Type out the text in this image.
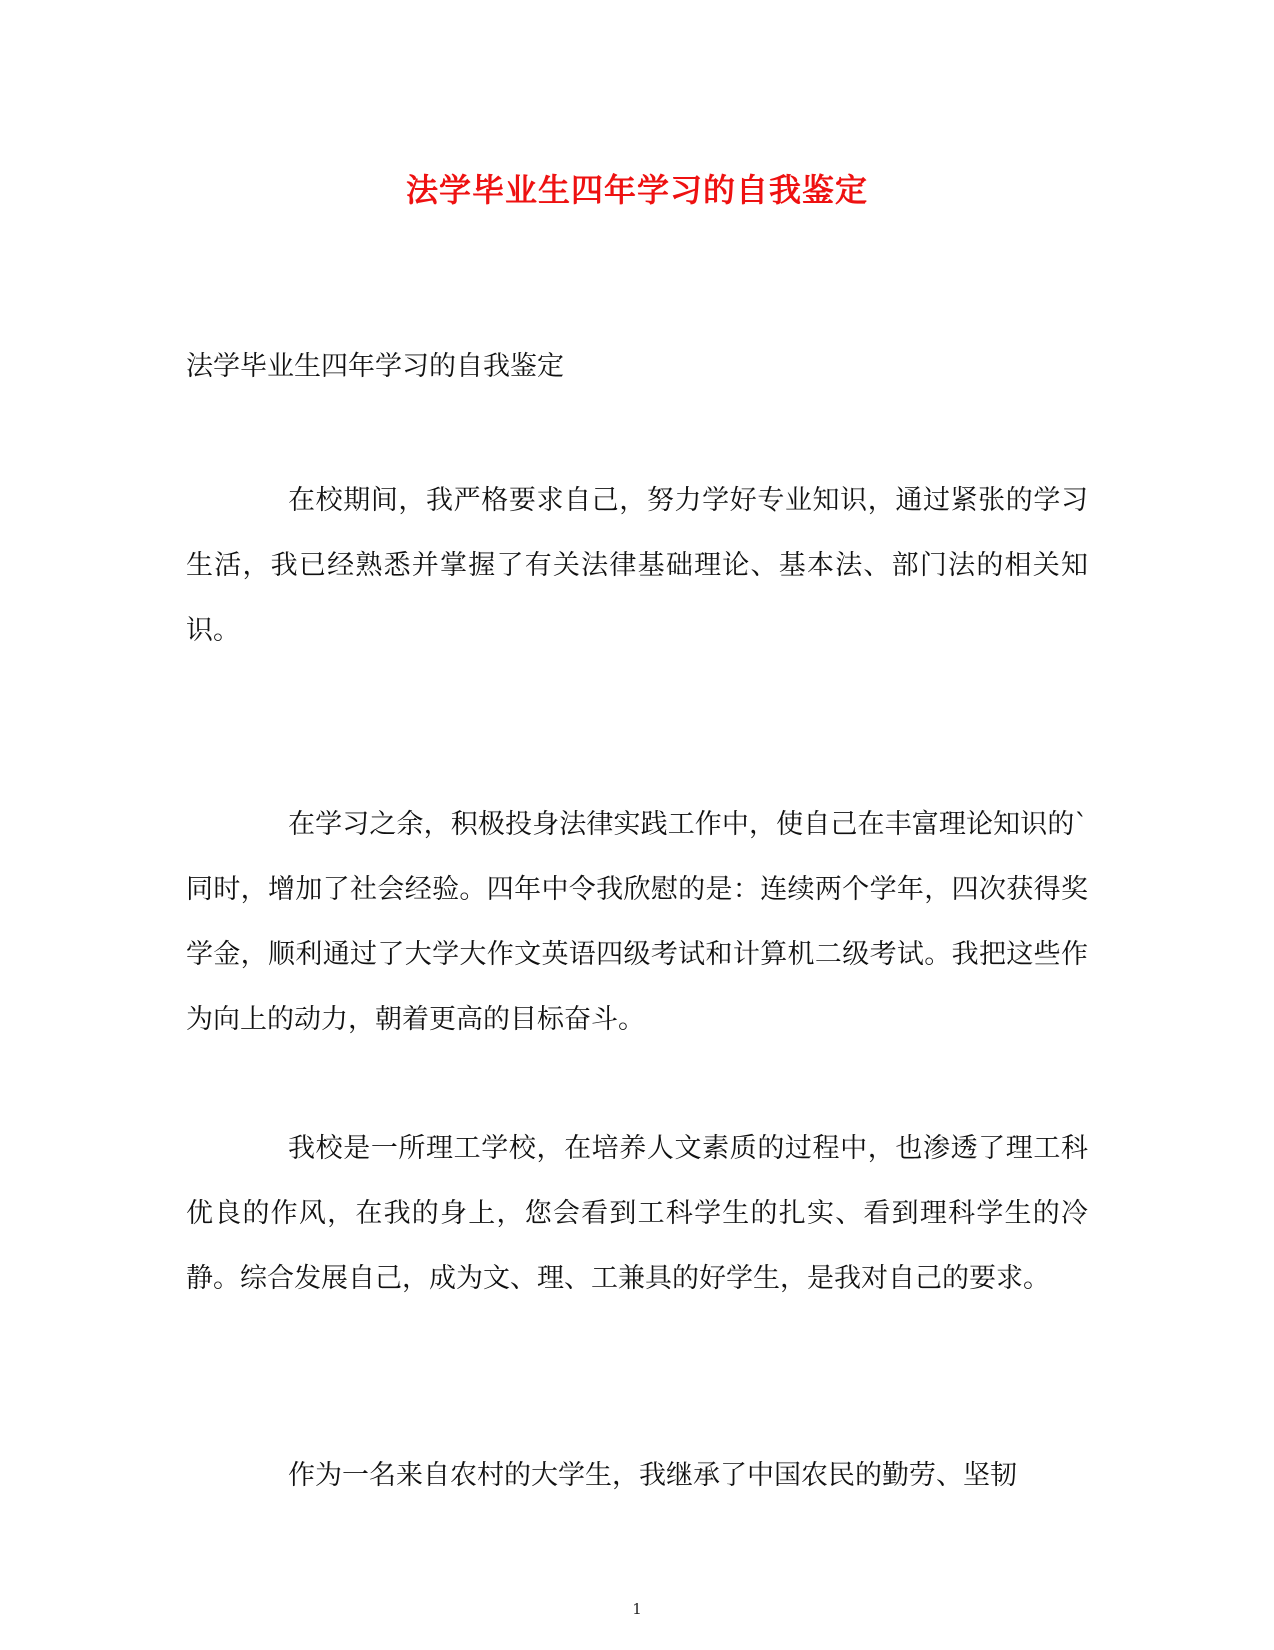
法学毕业生四年学习的自我鉴定

法学毕业生四年学习的自我鉴定

在校期间，我严格要求自己，努力学好专业知识，通过紧张的学习生活，我已经熟悉并掌握了有关法律基础理论、基本法、部门法的相关知识。

在学习之余，积极投身法律实践工作中，使自己在丰富理论知识的`同时，增加了社会经验。四年中令我欣慰的是：连续两个学年，四次获得奖学金，顺利通过了大学大作文英语四级考试和计算机二级考试。我把这些作为向上的动力，朝着更高的目标奋斗。

我校是一所理工学校，在培养人文素质的过程中，也渗透了理工科优良的作风，在我的身上，您会看到工科学生的扎实、看到理科学生的冷静。综合发展自己，成为文、理、工兼具的好学生，是我对自己的要求。

作为一名来自农村的大学生，我继承了中国农民的勤劳、坚韧

1
